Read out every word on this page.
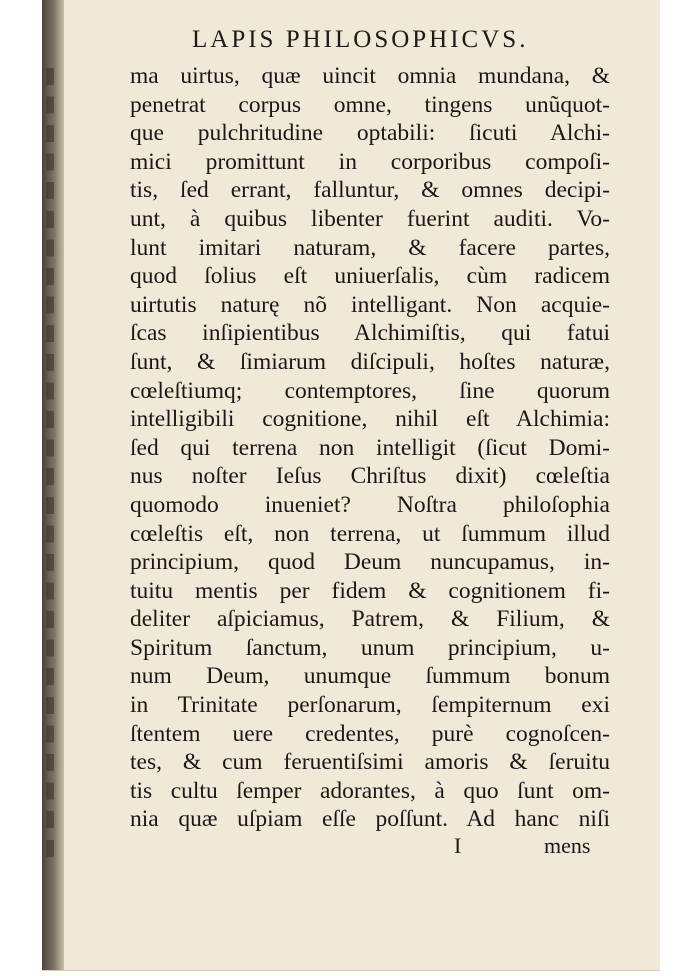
LAPIS PHILOSOPHICVS.
ma uirtus, quæ uincit omnia mundana, &
penetrat corpus omne, tingens unũquot-
que pulchritudine optabili: ſicuti Alchi-
mici promittunt in corporibus compoſi-
tis, ſed errant, falluntur, & omnes decipi-
unt, à quibus libenter fuerint auditi. Vo-
lunt imitari naturam, & facere partes,
quod ſolius eſt uniuerſalis, cùm radicem
uirtutis naturę nõ intelligant. Non acquie-
ſcas inſipientibus Alchimiſtis, qui fatui
ſunt, & ſimiarum diſcipuli, hoſtes naturæ,
cœleſtiumq; contemptores, ſine quorum
intelligibili cognitione, nihil eſt Alchimia:
ſed qui terrena non intelligit (ſicut Domi-
nus noſter Ieſus Chriſtus dixit) cœleſtia
quomodo inueniet? Noſtra philoſophia
cœleſtis eſt, non terrena, ut ſummum illud
principium, quod Deum nuncupamus, in-
tuitu mentis per fidem & cognitionem fi-
deliter aſpiciamus, Patrem, & Filium, &
Spiritum ſanctum, unum principium, u-
num Deum, unumque ſummum bonum
in Trinitate perſonarum, ſempiternum exi
ſtentem uere credentes, purè cognoſcen-
tes, & cum feruentiſsimi amoris & ſeruitu
tis cultu ſemper adorantes, à quo ſunt om-
nia quæ uſpiam eſſe poſſunt. Ad hanc niſi
I	mens
